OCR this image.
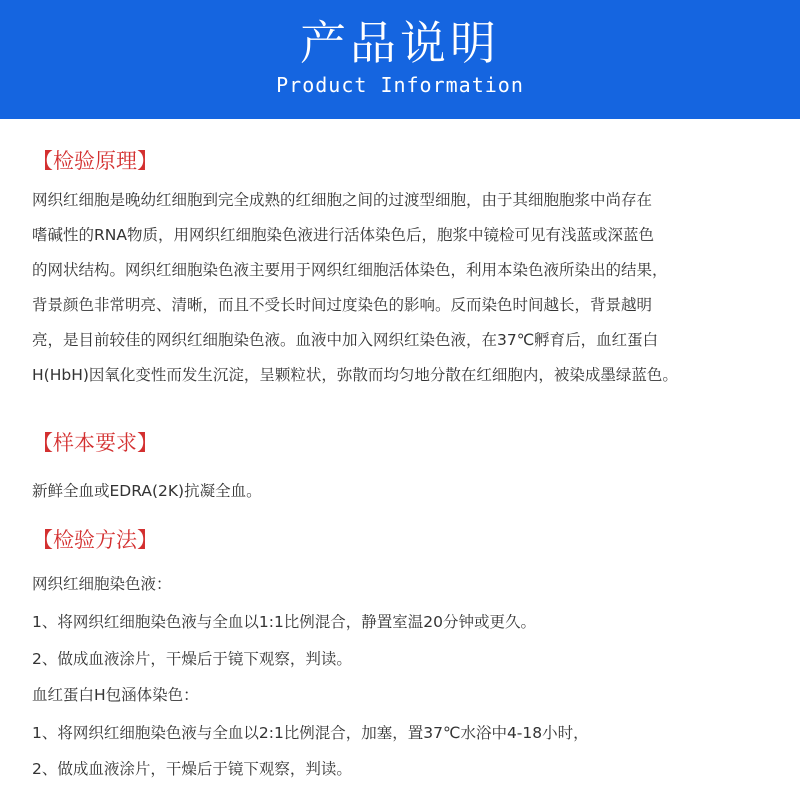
产品说明
Product Information
【检验原理】
网织红细胞是晚幼红细胞到完全成熟的红细胞之间的过渡型细胞，由于其细胞胞浆中尚存在
嗜碱性的RNA物质，用网织红细胞染色液进行活体染色后，胞浆中镜检可见有浅蓝或深蓝色
的网状结构。网织红细胞染色液主要用于网织红细胞活体染色，利用本染色液所染出的结果，
背景颜色非常明亮、清晰，而且不受长时间过度染色的影响。反而染色时间越长，背景越明
亮，是目前较佳的网织红细胞染色液。血液中加入网织红染色液，在37℃孵育后，血红蛋白
H(HbH)因氧化变性而发生沉淀，呈颗粒状，弥散而均匀地分散在红细胞内，被染成墨绿蓝色。
【样本要求】
新鲜全血或EDRA(2K)抗凝全血。
【检验方法】
网织红细胞染色液：
1、将网织红细胞染色液与全血以1:1比例混合，静置室温20分钟或更久。
2、做成血液涂片，干燥后于镜下观察，判读。
血红蛋白H包涵体染色：
1、将网织红细胞染色液与全血以2:1比例混合，加塞，置37℃水浴中4-18小时，
2、做成血液涂片，干燥后于镜下观察，判读。
